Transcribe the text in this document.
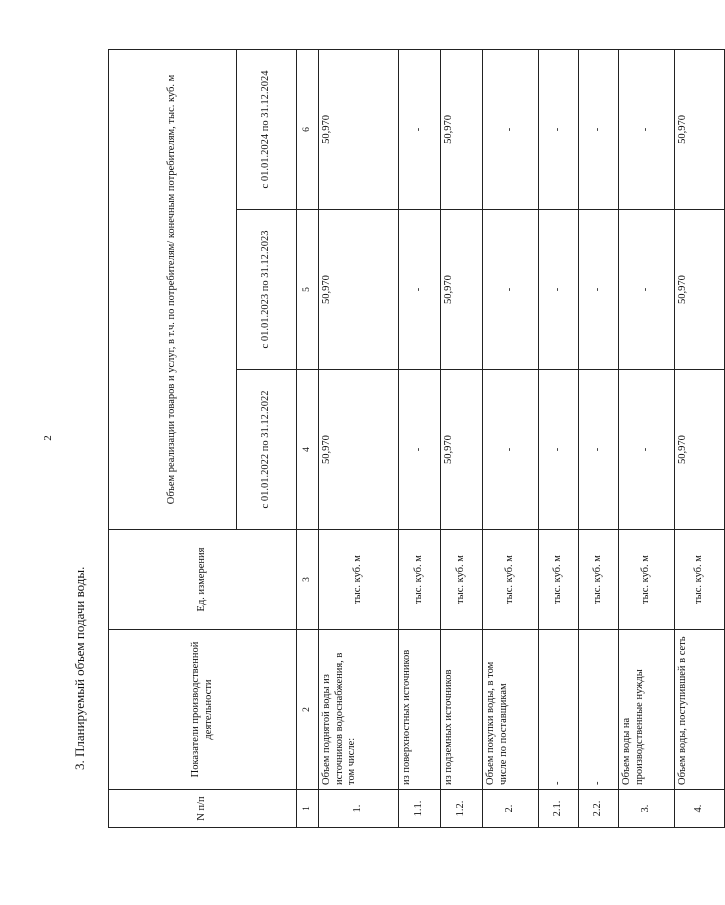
2
3. Планируемый объем подачи воды.
N п/п	Показатели производственной деятельности	Ед. измерения	Объем реализации товаров и услуг, в т.ч. по потребителям/ конечным потребителям, тыс. куб. м		
			с 01.01.2022 по 31.12.2022	с 01.01.2023 по 31.12.2023	с 01.01.2024 по 31.12.2024
1	2	3	4	5	6
1.	Объем поднятой воды из источников водоснабжения, в том числе:	тыс. куб. м	50,970	50,970	50,970
1.1.	из поверхностных источников	тыс. куб. м	-	-	-
1.2.	из подземных источников	тыс. куб. м	50,970	50,970	50,970
2.	Объем покупки воды, в том числе по поставщикам	тыс. куб. м	-	-	-
2.1.	-	тыс. куб. м	-	-	-
2.2.	-	тыс. куб. м	-	-	-
3.	Объем воды на производственные нужды	тыс. куб. м	-	-	-
4.	Объем воды, поступившей в сеть	тыс. куб. м	50,970	50,970	50,970
